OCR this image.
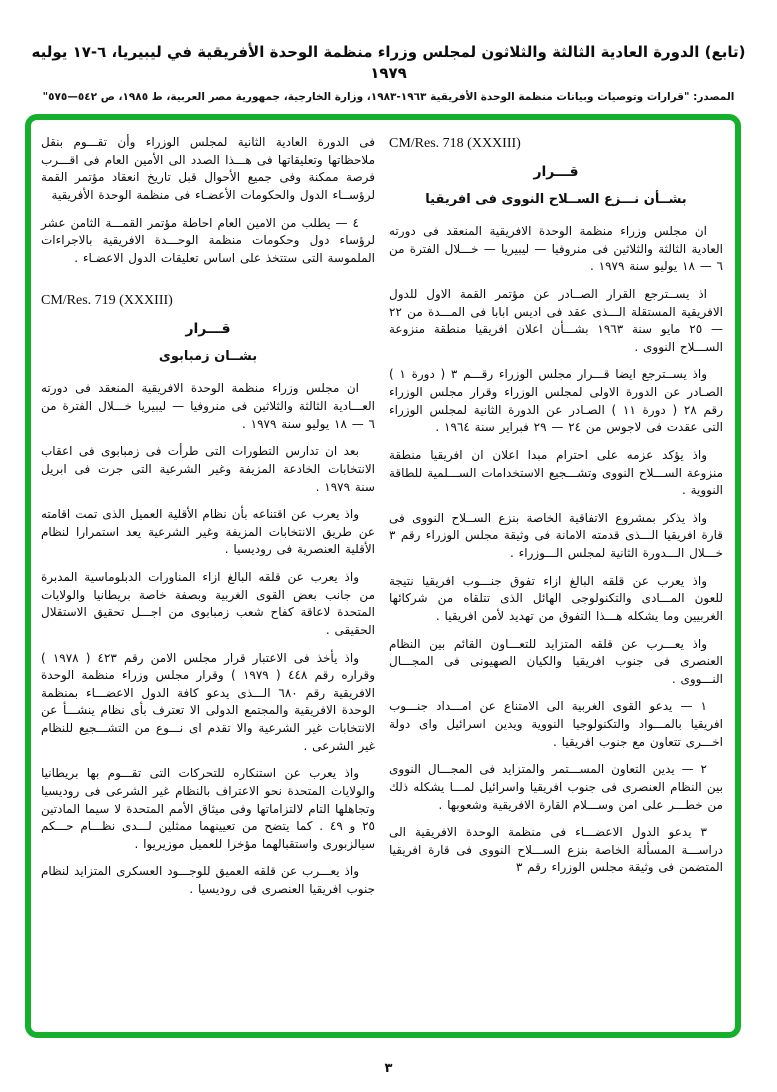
(تابع) الدورة العادية الثالثة والثلاثون لمجلس وزراء منظمة الوحدة الأفريقية في ليبيريا، ٦-١٧ يوليه ١٩٧٩
المصدر: "قرارات وتوصيات وبيانات منظمة الوحدة الأفريقية ١٩٦٣-١٩٨٣، وزارة الخارجية، جمهورية مصر العربية، ط ١٩٨٥، ص ٥٤٢—٥٧٥"
CM/Res. 718 (XXXIII)
قـــرار
بشــأن نـــزع الســلاح النووى فى افريقيا

ان مجلس وزراء منظمة الوحدة الافريقية المنعقد فى دورته العادية الثالثة والثلاثين فى منروفيا — ليبيريا — خـــلال الفترة من ٦ — ١٨ يوليو سنة ١٩٧٩ .

اذ يســترجع القرار الصــادر عن مؤتمر القمة الاول للدول الافريقية المستقلة الـــذى عقد فى اديس ابابا فى المـــدة من ٢٢ — ٢٥ مايو سنة ١٩٦٣ بشـــأن اعلان افريقيا منطقة منزوعة الســـلاح النووى .

واذ يســترجع ايضا قـــرار مجلس الوزراء رقـــم ٣ ( دورة ١ ) الصـادر عن الدورة الاولى لمجلس الوزراء وقرار مجلس الوزراء رقم ٢٨ ( دورة ١١ ) الصـادر عن الدورة الثانية لمجلس الوزراء التى عقدت فى لاجوس من ٢٤ — ٢٩ فبراير سنة ١٩٦٤ .

واذ يؤكد عزمه على احترام مبدا اعلان ان افريقيا منطقة منزوعة الســـلاح النووى وتشـــجيع الاستخدامات الســـلمية للطاقة النووية .

واذ يذكر بمشروع الاتفاقية الخاصة بنزع الســلاح النووى فى قارة افريقيا الـــذى قدمته الامانة فى وثيقة مجلس الوزراء رقم ٣ خـــلال الـــدورة الثانية لمجلس الـــوزراء .

واذ يعرب عن قلقه البالغ ازاء تفوق جنـــوب افريقيا نتيجة للعون المـــادى والتكنولوجى الهائل الذى تتلقاه من شركائها الغربيين وما يشكله هـــذا التفوق من تهديد لأمن افريقيا .

واذ يعـــرب عن قلقه المتزايد للتعـــاون القائم بين النظام العنصرى فى جنوب افريقيا والكيان الصهيونى فى المجـــال النـــووى .

١ — يدعو القوى الغربية الى الامتناع عن امـــداد جنـــوب افريقيا بالمـــواد والتكنولوجيا النووية ويدين اسرائيل واى دولة اخـــرى تتعاون مع جنوب افريقيا .

٢ — يدين التعاون المســـتمر والمتزايد فى المجـــال النووى بين النظام العنصرى فى جنوب افريقيا واسرائيل لمـــا يشكله ذلك من خطـــر على امن وســـلام القارة الافريقية وشعوبها .

٣ يدعو الدول الاعضـــاء فى منظمة الوحدة الافريقية الى دراســـة المسألة الخاصة بنزع الســـلاح النووى فى قارة افريقيا المتضمن فى وثيقة مجلس الوزراء رقم ٣

فى الدورة العادية الثانية لمجلس الوزراء وأن تقـــوم بنقل ملاحظاتها وتعليقاتها فى هـــذا الصدد الى الأمين العام فى اقـــرب فرصة ممكنة وفى جميع الأحوال قبل تاريخ انعقاد مؤتمر القمة لرؤســاء الدول والحكومات الأعضـاء فى منظمة الوحدة الأفريقية

٤ — يطلب من الامين العام احاطة مؤتمر القمـــة الثامن عشر لرؤساء دول وحكومات منظمة الوحـــدة الافريقية بالاجراءات الملموسة التى ستتخذ على اساس تعليقات الدول الاعضـاء .

CM/Res. 719 (XXXIII)
قـــرار
بشــان زمبابوى

ان مجلس وزراء منظمة الوحدة الافريقية المنعقد فى دورته العـــادية الثالثة والثلاثين فى منروفيا — ليبيريا خـــلال الفترة من ٦ — ١٨ يوليو سنة ١٩٧٩ .

بعد ان تدارس التطورات التى طرأت فى زمبابوى فى اعقاب الانتخابات الخادعة المزيفة وغير الشرعية التى جرت فى ابريل سنة ١٩٧٩ .

واذ يعرب عن اقتناعه بأن نظام الأقلية العميل الذى تمت اقامته عن طريق الانتخابات المزيفة وغير الشرعية يعد استمرارا لنظام الأقلية العنصرية فى روديسيا .

واذ يعرب عن قلقه البالغ ازاء المناورات الدبلوماسية المدبرة من جانب بعض القوى الغربية وبصفة خاصة بريطانيا والولايات المتحدة لاعاقة كفاح شعب زمبابوى من اجـــل تحقيق الاستقلال الحقيقى .

واذ يأخذ فى الاعتبار قرار مجلس الامن رقم ٤٢٣ ( ١٩٧٨ ) وقراره رقم ٤٤٨ ( ١٩٧٩ ) وقرار مجلس وزراء منظمة الوحدة الافريقية رقم ٦٨٠ الـــذى يدعو كافة الدول الاعضـــاء بمنظمة الوحدة الافريقية والمجتمع الدولى الا تعترف بأى نظام ينشـــأ عن الانتخابات غير الشرعية والا تقدم اى نـــوع من التشـــجيع للنظام غير الشرعى .

واذ يعرب عن استنكاره للتحركات التى تقـــوم بها بريطانيا والولايات المتحدة نحو الاعتراف بالنظام غير الشرعى فى روديسيا وتجاهلها التام لالتزاماتها وفى ميثاق الأمم المتحدة لا سيما المادتين ٢٥ و ٤٩ . كما يتضح من تعيينهما ممثلين لـــدى نظـــام حـــكم سيالزبورى واستقبالهما مؤخرا للعميل موزيريوا .

واذ يعـــرب عن قلقه العميق للوجـــود العسكرى المتزايد لنظام جنوب افريقيا العنصرى فى روديسيا .

٣
